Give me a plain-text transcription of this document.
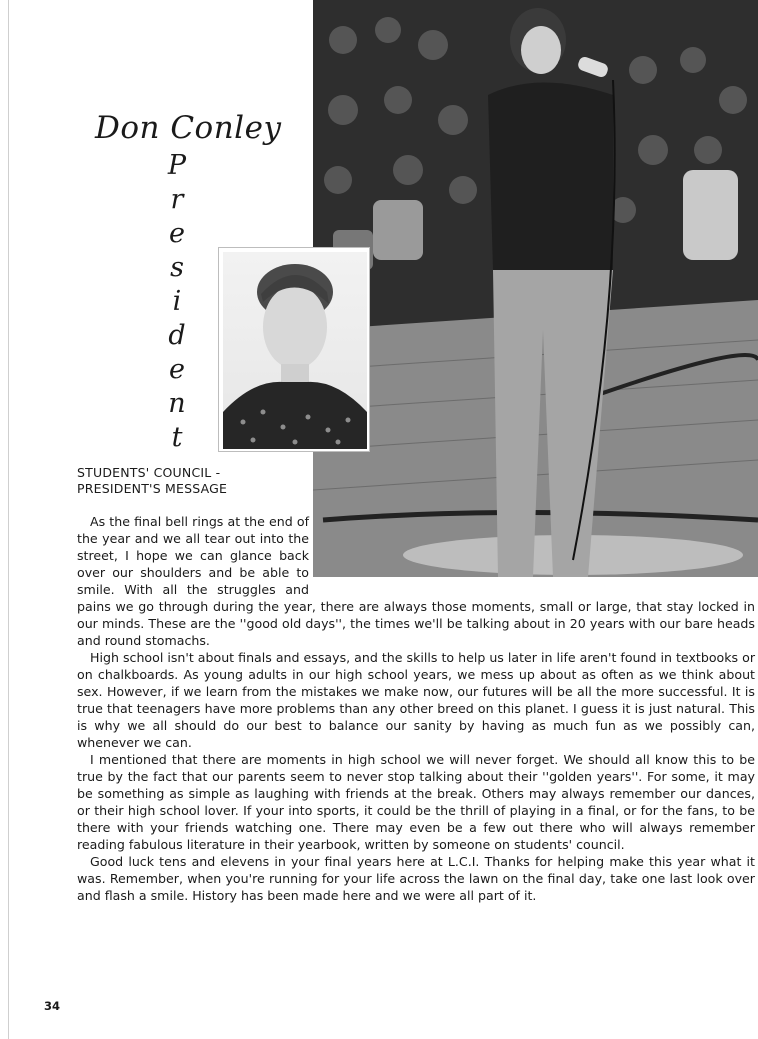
Don Conley
P
r
e
s
i
d
e
n
t
STUDENTS' COUNCIL -
PRESIDENT'S MESSAGE

As the final bell rings at the end of the year and we all tear out into the street, I hope we can glance back over our shoulders and be able to smile. With all the struggles and pains we go through during the year, there are always those moments, small or large, that stay locked in our minds. These are the ''good old days'', the times we'll be talking about in 20 years with our bare heads and round stomachs.

High school isn't about finals and essays, and the skills to help us later in life aren't found in textbooks or on chalkboards. As young adults in our high school years, we mess up about as often as we think about sex. However, if we learn from the mistakes we make now, our futures will be all the more successful. It is true that teenagers have more problems than any other breed on this planet. I guess it is just natural. This is why we all should do our best to balance our sanity by having as much fun as we possibly can, whenever we can.

I mentioned that there are moments in high school we will never forget. We should all know this to be true by the fact that our parents seem to never stop talking about their ''golden years''. For some, it may be something as simple as laughing with friends at the break. Others may always remember our dances, or their high school lover. If your into sports, it could be the thrill of playing in a final, or for the fans, to be there with your friends watching one. There may even be a few out there who will always remember reading fabulous literature in their yearbook, written by someone on students' council.

Good luck tens and elevens in your final years here at L.C.I. Thanks for helping make this year what it was. Remember, when you're running for your life across the lawn on the final day, take one last look over and flash a smile. History has been made here and we were all part of it.

34
